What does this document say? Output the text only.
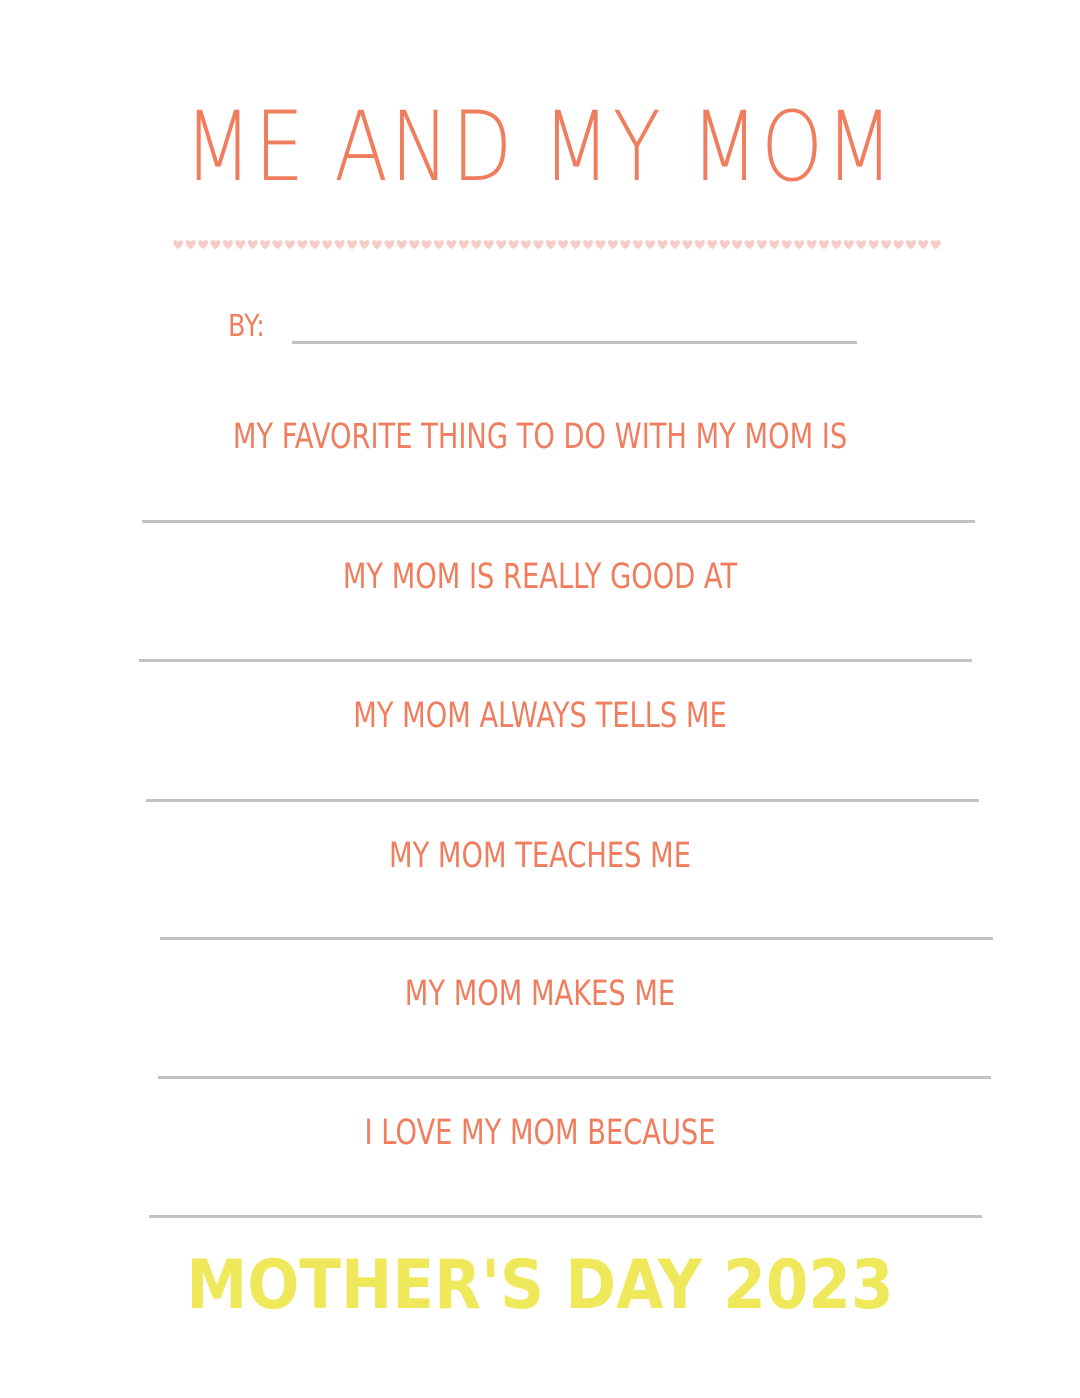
ME AND MY MOM
BY:
MY FAVORITE THING TO DO WITH MY MOM IS
MY MOM IS REALLY GOOD AT
MY MOM ALWAYS TELLS ME
MY MOM TEACHES ME
MY MOM MAKES ME
I LOVE MY MOM BECAUSE
MOTHER'S DAY 2023
